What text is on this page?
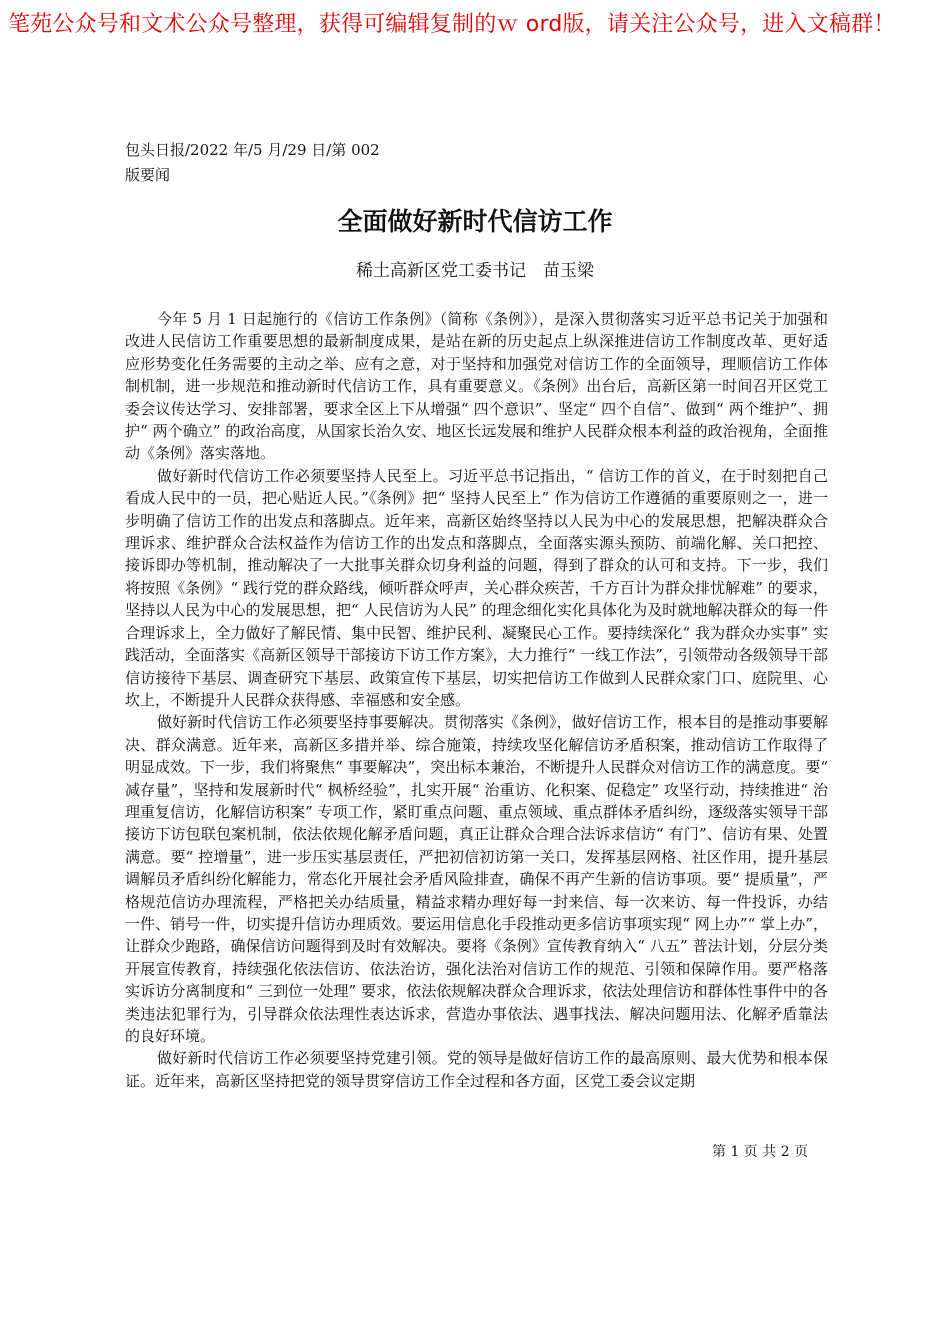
笔苑公众号和文术公众号整理，获得可编辑复制的ｗ ord版，请关注公众号，进入文稿群！
包头日报/2022 年/5 月/29 日/第 002
版要闻
全面做好新时代信访工作
稀土高新区党工委书记　苗玉梁

今年 5 月 1 日起施行的《信访工作条例》（简称《条例》），是深入贯彻落实习近平总书记关于加强和改进人民信访工作重要思想的最新制度成果，是站在新的历史起点上纵深推进信访工作制度改革、更好适应形势变化任务需要的主动之举、应有之意，对于坚持和加强党对信访工作的全面领导，理顺信访工作体制机制，进一步规范和推动新时代信访工作，具有重要意义。《条例》出台后，高新区第一时间召开区党工委会议传达学习、安排部署，要求全区上下从增强“ 四个意识”、坚定“ 四个自信”、做到“ 两个维护”、拥护“ 两个确立” 的政治高度，从国家长治久安、地区长远发展和维护人民群众根本利益的政治视角，全面推动《条例》落实落地。

做好新时代信访工作必须要坚持人民至上。习近平总书记指出，“ 信访工作的首义，在于时刻把自己看成人民中的一员，把心贴近人民。”《条例》把“ 坚持人民至上” 作为信访工作遵循的重要原则之一，进一步明确了信访工作的出发点和落脚点。近年来，高新区始终坚持以人民为中心的发展思想，把解决群众合理诉求、维护群众合法权益作为信访工作的出发点和落脚点，全面落实源头预防、前端化解、关口把控、接诉即办等机制，推动解决了一大批事关群众切身利益的问题，得到了群众的认可和支持。下一步，我们将按照《条例》“ 践行党的群众路线，倾听群众呼声，关心群众疾苦，千方百计为群众排忧解难” 的要求，坚持以人民为中心的发展思想，把“ 人民信访为人民” 的理念细化实化具体化为及时就地解决群众的每一件合理诉求上，全力做好了解民情、集中民智、维护民利、凝聚民心工作。要持续深化“ 我为群众办实事” 实践活动，全面落实《高新区领导干部接访下访工作方案》，大力推行“ 一线工作法”，引领带动各级领导干部信访接待下基层、调查研究下基层、政策宣传下基层，切实把信访工作做到人民群众家门口、庭院里、心坎上，不断提升人民群众获得感、幸福感和安全感。

做好新时代信访工作必须要坚持事要解决。贯彻落实《条例》，做好信访工作，根本目的是推动事要解决、群众满意。近年来，高新区多措并举、综合施策，持续攻坚化解信访矛盾积案，推动信访工作取得了明显成效。下一步，我们将聚焦“ 事要解决”，突出标本兼治，不断提升人民群众对信访工作的满意度。要“ 减存量”，坚持和发展新时代“ 枫桥经验”，扎实开展“ 治重访、化积案、促稳定” 攻坚行动，持续推进“ 治理重复信访，化解信访积案” 专项工作，紧盯重点问题、重点领域、重点群体矛盾纠纷，逐级落实领导干部接访下访包联包案机制，依法依规化解矛盾问题，真正让群众合理合法诉求信访“ 有门”、信访有果、处置满意。要“ 控增量”，进一步压实基层责任，严把初信初访第一关口，发挥基层网格、社区作用，提升基层调解员矛盾纠纷化解能力，常态化开展社会矛盾风险排查，确保不再产生新的信访事项。要“ 提质量”，严格规范信访办理流程，严格把关办结质量，精益求精办理好每一封来信、每一次来访、每一件投诉，办结一件、销号一件，切实提升信访办理质效。要运用信息化手段推动更多信访事项实现“ 网上办”“ 掌上办”，让群众少跑路，确保信访问题得到及时有效解决。要将《条例》宣传教育纳入“ 八五” 普法计划，分层分类开展宣传教育，持续强化依法信访、依法治访，强化法治对信访工作的规范、引领和保障作用。要严格落实诉访分离制度和“ 三到位一处理” 要求，依法依规解决群众合理诉求，依法处理信访和群体性事件中的各类违法犯罪行为，引导群众依法理性表达诉求，营造办事依法、遇事找法、解决问题用法、化解矛盾靠法的良好环境。

做好新时代信访工作必须要坚持党建引领。党的领导是做好信访工作的最高原则、最大优势和根本保证。近年来，高新区坚持把党的领导贯穿信访工作全过程和各方面，区党工委会议定期

第 1 页 共 2 页
